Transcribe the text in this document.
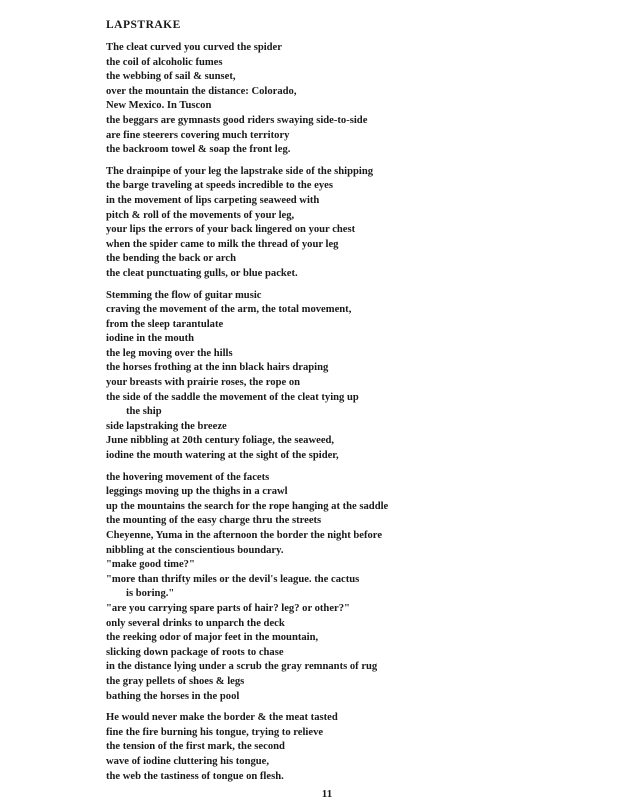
LAPSTRAKE
The cleat curved you curved the spider
the coil of alcoholic fumes
the webbing of sail & sunset,
over the mountain the distance: Colorado,
New Mexico. In Tuscon
the beggars are gymnasts good riders swaying side-to-side
are fine steerers covering much territory
the backroom towel & soap the front leg.
The drainpipe of your leg the lapstrake side of the shipping
the barge traveling at speeds incredible to the eyes
in the movement of lips carpeting seaweed with
pitch & roll of the movements of your leg,
your lips the errors of your back lingered on your chest
when the spider came to milk the thread of your leg
the bending the back or arch
the cleat punctuating gulls, or blue packet.
Stemming the flow of guitar music
craving the movement of the arm, the total movement,
from the sleep tarantulate
iodine in the mouth
the leg moving over the hills
the horses frothing at the inn black hairs draping
your breasts with prairie roses, the rope on
the side of the saddle the movement of the cleat tying up
the ship
side lapstraking the breeze
June nibbling at 20th century foliage, the seaweed,
iodine the mouth watering at the sight of the spider,
the hovering movement of the facets
leggings moving up the thighs in a crawl
up the mountains the search for the rope hanging at the saddle
the mounting of the easy charge thru the streets
Cheyenne, Yuma in the afternoon the border the night before
nibbling at the conscientious boundary.
"make good time?"
"more than thrifty miles or the devil's league. the cactus
is boring."
"are you carrying spare parts of hair? leg? or other?"
only several drinks to unparch the deck
the reeking odor of major feet in the mountain,
slicking down package of roots to chase
in the distance lying under a scrub the gray remnants of rug
the gray pellets of shoes & legs
bathing the horses in the pool
He would never make the border & the meat tasted
fine the fire burning his tongue, trying to relieve
the tension of the first mark, the second
wave of iodine cluttering his tongue,
the web the tastiness of tongue on flesh.
11
